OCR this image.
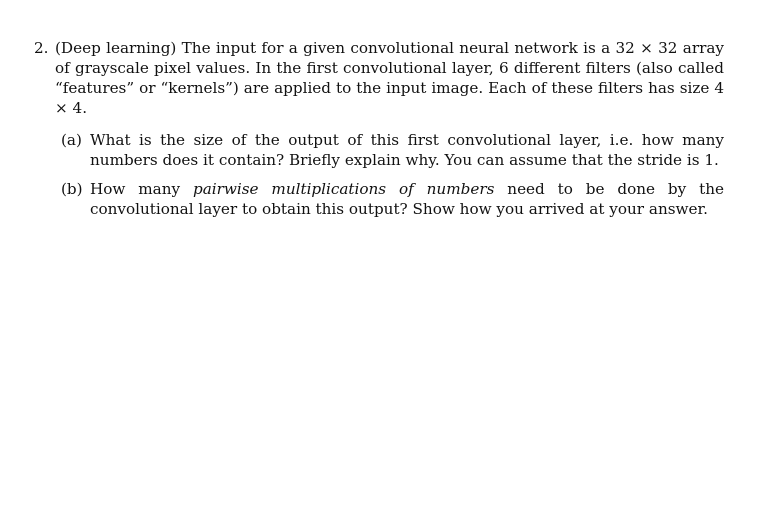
2. (Deep learning) The input for a given convolutional neural network is a 32 × 32 array of grayscale pixel values. In the first convolutional layer, 6 different filters (also called “features” or “kernels”) are applied to the input image. Each of these filters has size 4 × 4.
(a) What is the size of the output of this first convolutional layer, i.e. how many numbers does it contain? Briefly explain why. You can assume that the stride is 1.
(b) How many pairwise multiplications of numbers need to be done by the convolutional layer to obtain this output? Show how you arrived at your answer.
